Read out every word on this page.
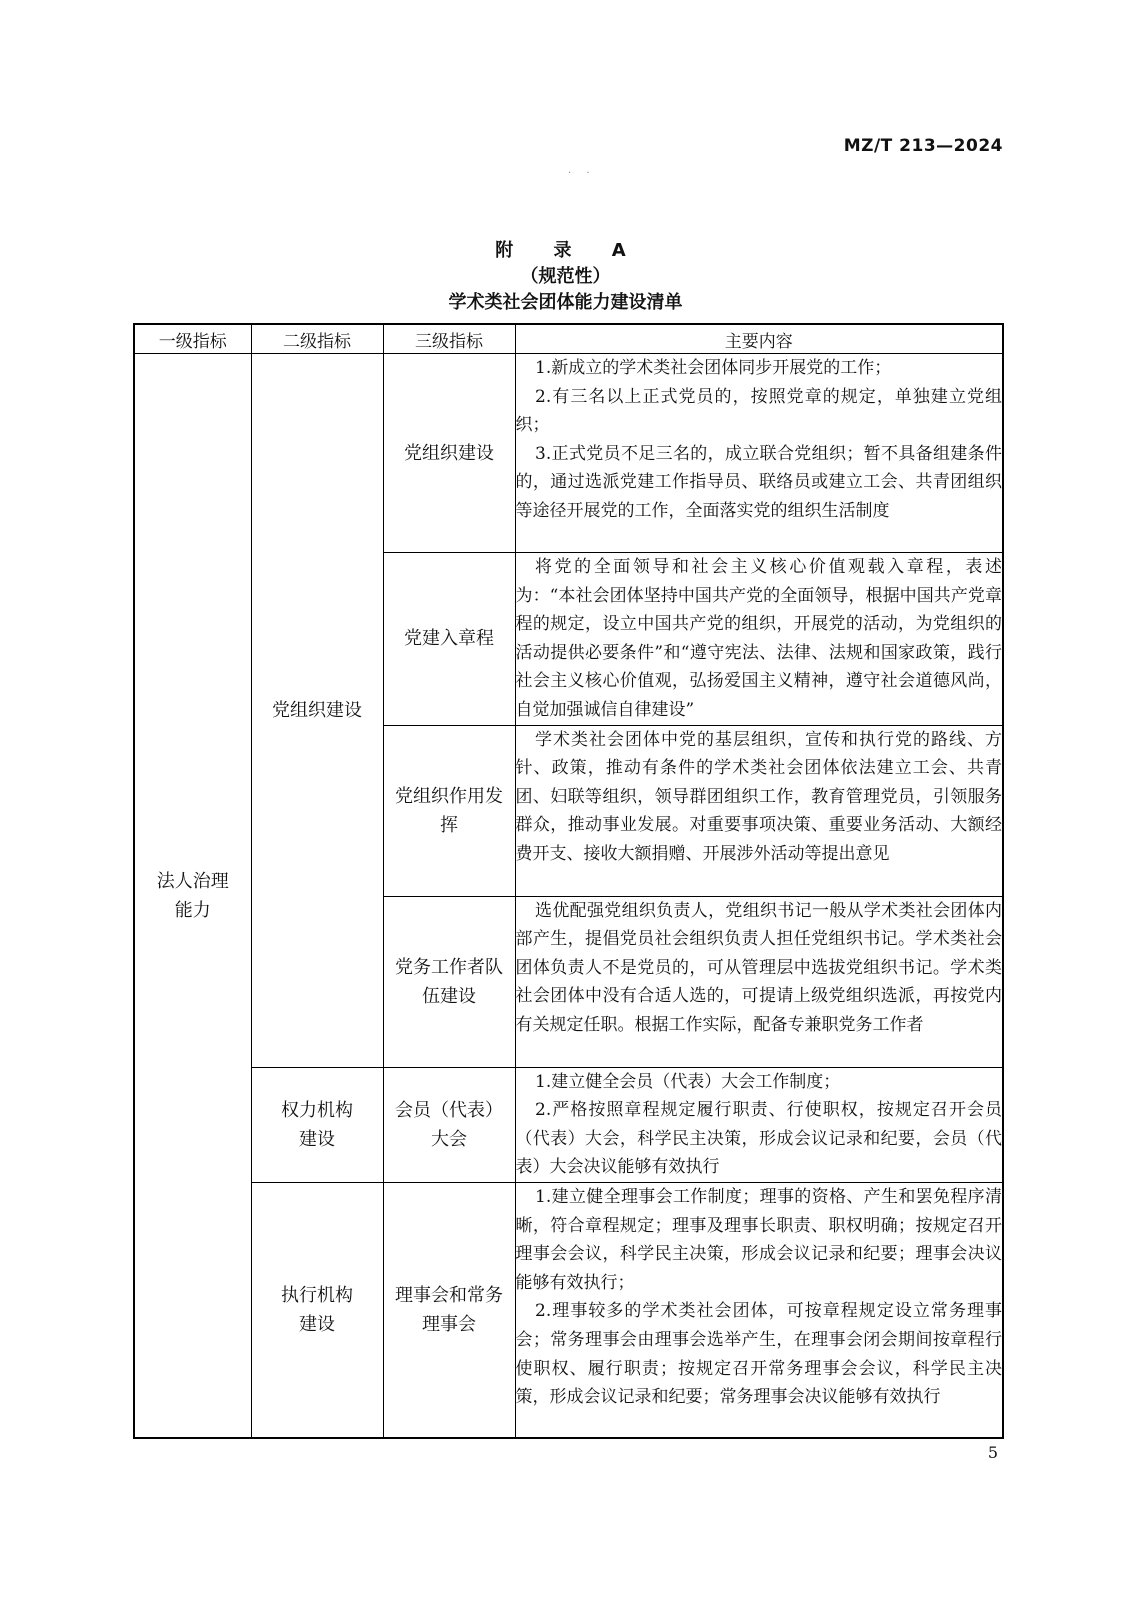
MZ/T 213—2024
· ·
附 录 A
（规范性）
学术类社会团体能力建设清单
一级指标	二级指标	三级指标	主要内容
法人治理能力	党组织建设	党组织建设	1.新成立的学术类社会团体同步开展党的工作；

2.有三名以上正式党员的，按照党章的规定，单独建立党组织；

3.正式党员不足三名的，成立联合党组织；暂不具备组建条件的，通过选派党建工作指导员、联络员或建立工会、共青团组织等途径开展党的工作，全面落实党的组织生活制度

		党建入章程	将党的全面领导和社会主义核心价值观载入章程，表述为：“本社会团体坚持中国共产党的全面领导，根据中国共产党章程的规定，设立中国共产党的组织，开展党的活动，为党组织的活动提供必要条件”和“遵守宪法、法律、法规和国家政策，践行社会主义核心价值观，弘扬爱国主义精神，遵守社会道德风尚，自觉加强诚信自律建设”

		党组织作用发挥	学术类社会团体中党的基层组织，宣传和执行党的路线、方针、政策，推动有条件的学术类社会团体依法建立工会、共青团、妇联等组织，领导群团组织工作，教育管理党员，引领服务群众，推动事业发展。对重要事项决策、重要业务活动、大额经费开支、接收大额捐赠、开展涉外活动等提出意见

		党务工作者队伍建设	选优配强党组织负责人，党组织书记一般从学术类社会团体内部产生，提倡党员社会组织负责人担任党组织书记。学术类社会团体负责人不是党员的，可从管理层中选拔党组织书记。学术类社会团体中没有合适人选的，可提请上级党组织选派，再按党内有关规定任职。根据工作实际，配备专兼职党务工作者

	权力机构建设	会员（代表）大会	1.建立健全会员（代表）大会工作制度；

2.严格按照章程规定履行职责、行使职权，按规定召开会员（代表）大会，科学民主决策，形成会议记录和纪要，会员（代表）大会决议能够有效执行

	执行机构建设	理事会和常务理事会	1.建立健全理事会工作制度；理事的资格、产生和罢免程序清晰，符合章程规定；理事及理事长职责、职权明确；按规定召开理事会会议，科学民主决策，形成会议记录和纪要；理事会决议能够有效执行；

2.理事较多的学术类社会团体，可按章程规定设立常务理事会；常务理事会由理事会选举产生，在理事会闭会期间按章程行使职权、履行职责；按规定召开常务理事会会议，科学民主决策，形成会议记录和纪要；常务理事会决议能够有效执行

5
